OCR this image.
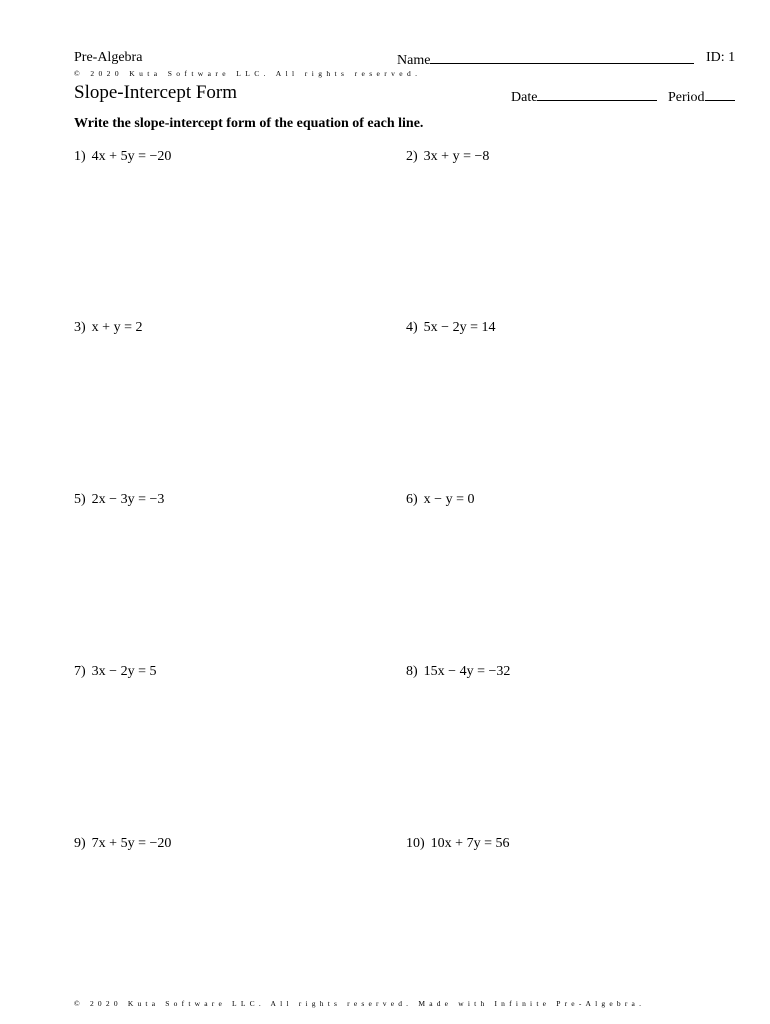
Pre-Algebra
© 2020 Kuta Software LLC. All rights reserved.
Name	ID: 1
Slope-Intercept Form	Date	Period
Write the slope-intercept form of the equation of each line.
1) 4x + 5y = −20	2) 3x + y = −8
3) x + y = 2	4) 5x − 2y = 14
5) 2x − 3y = −3	6) x − y = 0
7) 3x − 2y = 5	8) 15x − 4y = −32
9) 7x + 5y = −20	10) 10x + 7y = 56
© 2020 Kuta Software LLC. All rights reserved. Made with Infinite Pre-Algebra.
